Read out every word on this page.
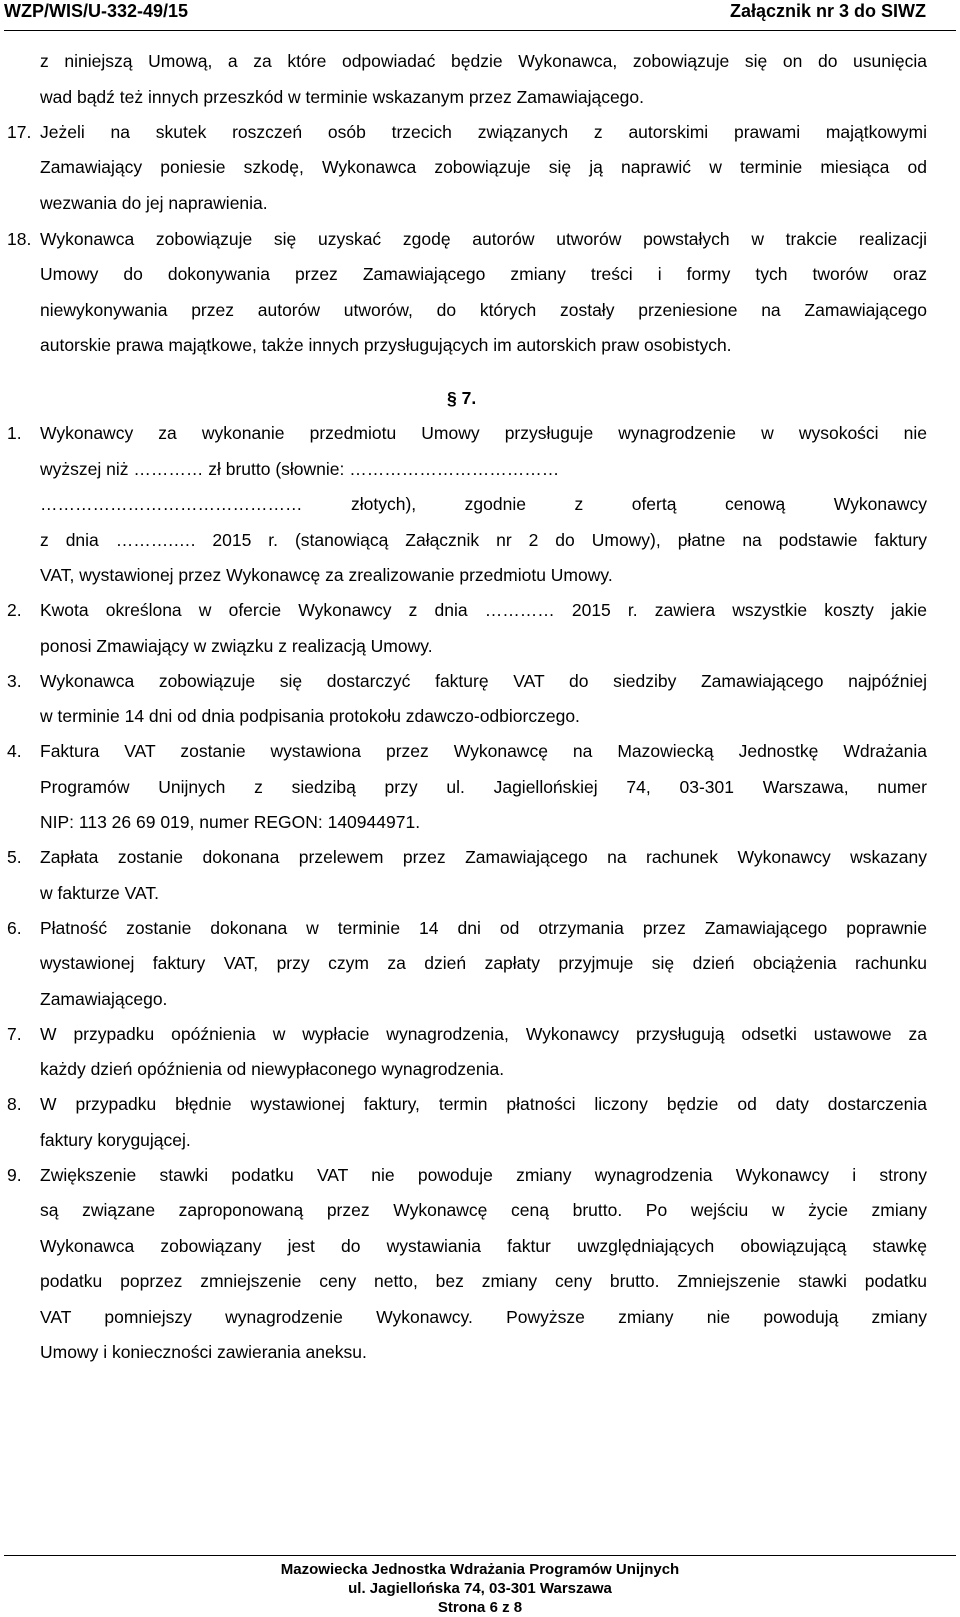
WZP/WIS/U-332-49/15	Załącznik nr 3 do SIWZ
z niniejszą Umową, a za które odpowiadać będzie Wykonawca, zobowiązuje się on do usunięcia
wad bądź też innych przeszkód w terminie wskazanym przez Zamawiającego.
17. Jeżeli na skutek roszczeń osób trzecich związanych z autorskimi prawami majątkowymi
Zamawiający poniesie szkodę, Wykonawca zobowiązuje się ją naprawić w terminie miesiąca od
wezwania do jej naprawienia.
18. Wykonawca zobowiązuje się uzyskać zgodę autorów utworów powstałych w trakcie realizacji
Umowy do dokonywania przez Zamawiającego zmiany treści i formy tych tworów oraz
niewykonywania przez autorów utworów, do których zostały przeniesione na Zamawiającego
autorskie prawa majątkowe, także innych przysługujących im autorskich praw osobistych.
§ 7.
1. Wykonawcy za wykonanie przedmiotu Umowy przysługuje wynagrodzenie w wysokości nie
wyższej niż ………… zł brutto (słownie: ………………………………
……………………………………… złotych), zgodnie z ofertą cenową Wykonawcy
z dnia ……….…. 2015 r. (stanowiącą Załącznik nr 2 do Umowy), płatne na podstawie faktury
VAT, wystawionej przez Wykonawcę za zrealizowanie przedmiotu Umowy.
2. Kwota określona w ofercie Wykonawcy z dnia ………… 2015 r. zawiera wszystkie koszty jakie
ponosi Zmawiający w związku z realizacją Umowy.
3. Wykonawca zobowiązuje się dostarczyć fakturę VAT do siedziby Zamawiającego najpóźniej
w terminie 14 dni od dnia podpisania protokołu zdawczo-odbiorczego.
4. Faktura VAT zostanie wystawiona przez Wykonawcę na Mazowiecką Jednostkę Wdrażania
Programów Unijnych z siedzibą przy ul. Jagiellońskiej 74, 03-301 Warszawa, numer
NIP: 113 26 69 019, numer REGON: 140944971.
5. Zapłata zostanie dokonana przelewem przez Zamawiającego na rachunek Wykonawcy wskazany
w fakturze VAT.
6. Płatność zostanie dokonana w terminie 14 dni od otrzymania przez Zamawiającego poprawnie
wystawionej faktury VAT, przy czym za dzień zapłaty przyjmuje się dzień obciążenia rachunku
Zamawiającego.
7. W przypadku opóźnienia w wypłacie wynagrodzenia, Wykonawcy przysługują odsetki ustawowe za
każdy dzień opóźnienia od niewypłaconego wynagrodzenia.
8. W przypadku błędnie wystawionej faktury, termin płatności liczony będzie od daty dostarczenia
faktury korygującej.
9. Zwiększenie stawki podatku VAT nie powoduje zmiany wynagrodzenia Wykonawcy i strony
są związane zaproponowaną przez Wykonawcę ceną brutto. Po wejściu w życie zmiany
Wykonawca zobowiązany jest do wystawiania faktur uwzględniających obowiązującą stawkę
podatku poprzez zmniejszenie ceny netto, bez zmiany ceny brutto. Zmniejszenie stawki podatku
VAT pomniejszy wynagrodzenie Wykonawcy. Powyższe zmiany nie powodują zmiany
Umowy i konieczności zawierania aneksu.
Mazowiecka Jednostka Wdrażania Programów Unijnych
ul. Jagiellońska 74, 03-301 Warszawa
Strona 6 z 8
